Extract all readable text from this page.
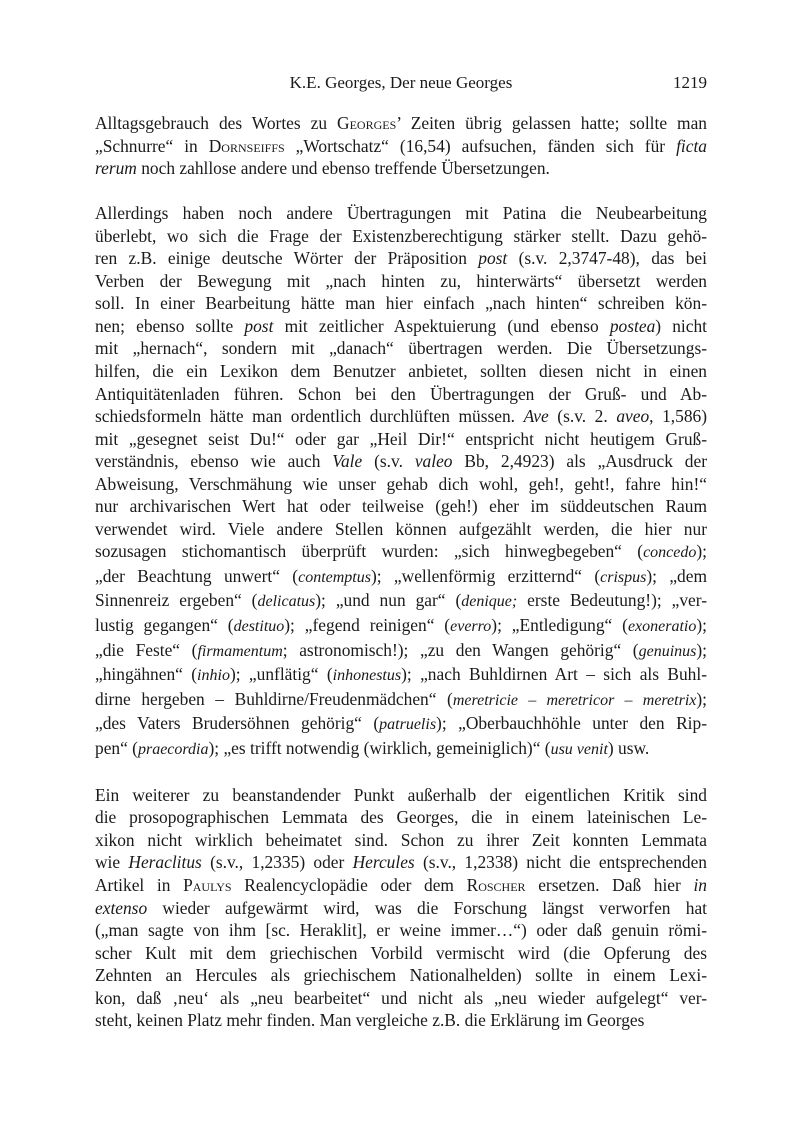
K.E. Georges, Der neue Georges	1219
Alltagsgebrauch des Wortes zu Georges’ Zeiten übrig gelassen hatte; sollte man
„Schnurre“ in Dornseiffs „Wortschatz“ (16,54) aufsuchen, fänden sich für ficta
rerum noch zahllose andere und ebenso treffende Übersetzungen.
Allerdings haben noch andere Übertragungen mit Patina die Neubearbeitung
überlebt, wo sich die Frage der Existenzberechtigung stärker stellt. Dazu gehö-
ren z.B. einige deutsche Wörter der Präposition post (s.v. 2,3747-48), das bei
Verben der Bewegung mit „nach hinten zu, hinterwärts“ übersetzt werden
soll. In einer Bearbeitung hätte man hier einfach „nach hinten“ schreiben kön-
nen; ebenso sollte post mit zeitlicher Aspektuierung (und ebenso postea) nicht
mit „hernach“, sondern mit „danach“ übertragen werden. Die Übersetzungs-
hilfen, die ein Lexikon dem Benutzer anbietet, sollten diesen nicht in einen
Antiquitätenladen führen. Schon bei den Übertragungen der Gruß- und Ab-
schiedsformeln hätte man ordentlich durchlüften müssen. Ave (s.v. 2. aveo, 1,586)
mit „gesegnet seist Du!“ oder gar „Heil Dir!“ entspricht nicht heutigem Gruß-
verständnis, ebenso wie auch Vale (s.v. valeo Bb, 2,4923) als „Ausdruck der
Abweisung, Verschmähung wie unser gehab dich wohl, geh!, geht!, fahre hin!“
nur archivarischen Wert hat oder teilweise (geh!) eher im süddeutschen Raum
verwendet wird. Viele andere Stellen können aufgezählt werden, die hier nur
sozusagen stichomantisch überprüft wurden: „sich hinwegbegeben“ (concedo);
„der Beachtung unwert“ (contemptus); „wellenförmig erzitternd“ (crispus); „dem
Sinnenreiz ergeben“ (delicatus); „und nun gar“ (denique; erste Bedeutung!); „ver-
lustig gegangen“ (destituo); „fegend reinigen“ (everro); „Entledigung“ (exoneratio);
„die Feste“ (firmamentum; astronomisch!); „zu den Wangen gehörig“ (genuinus);
„hingähnen“ (inhio); „unflätig“ (inhonestus); „nach Buhldirnen Art – sich als Buhl-
dirne hergeben – Buhldirne/Freudenmädchen“ (meretricie – meretricor – meretrix);
„des Vaters Brudersöhnen gehörig“ (patruelis); „Oberbauchhöhle unter den Rip-
pen“ (praecordia); „es trifft notwendig (wirklich, gemeiniglich)“ (usu venit) usw.
Ein weiterer zu beanstandender Punkt außerhalb der eigentlichen Kritik sind
die prosopographischen Lemmata des Georges, die in einem lateinischen Le-
xikon nicht wirklich beheimatet sind. Schon zu ihrer Zeit konnten Lemmata
wie Heraclitus (s.v., 1,2335) oder Hercules (s.v., 1,2338) nicht die entsprechenden
Artikel in Paulys Realencyclopädie oder dem Roscher ersetzen. Daß hier in
extenso wieder aufgewärmt wird, was die Forschung längst verworfen hat
(„man sagte von ihm [sc. Heraklit], er weine immer…“) oder daß genuin römi-
scher Kult mit dem griechischen Vorbild vermischt wird (die Opferung des
Zehnten an Hercules als griechischem Nationalhelden) sollte in einem Lexi-
kon, daß ‚neu‘ als „neu bearbeitet“ und nicht als „neu wieder aufgelegt“ ver-
steht, keinen Platz mehr finden. Man vergleiche z.B. die Erklärung im Georges
